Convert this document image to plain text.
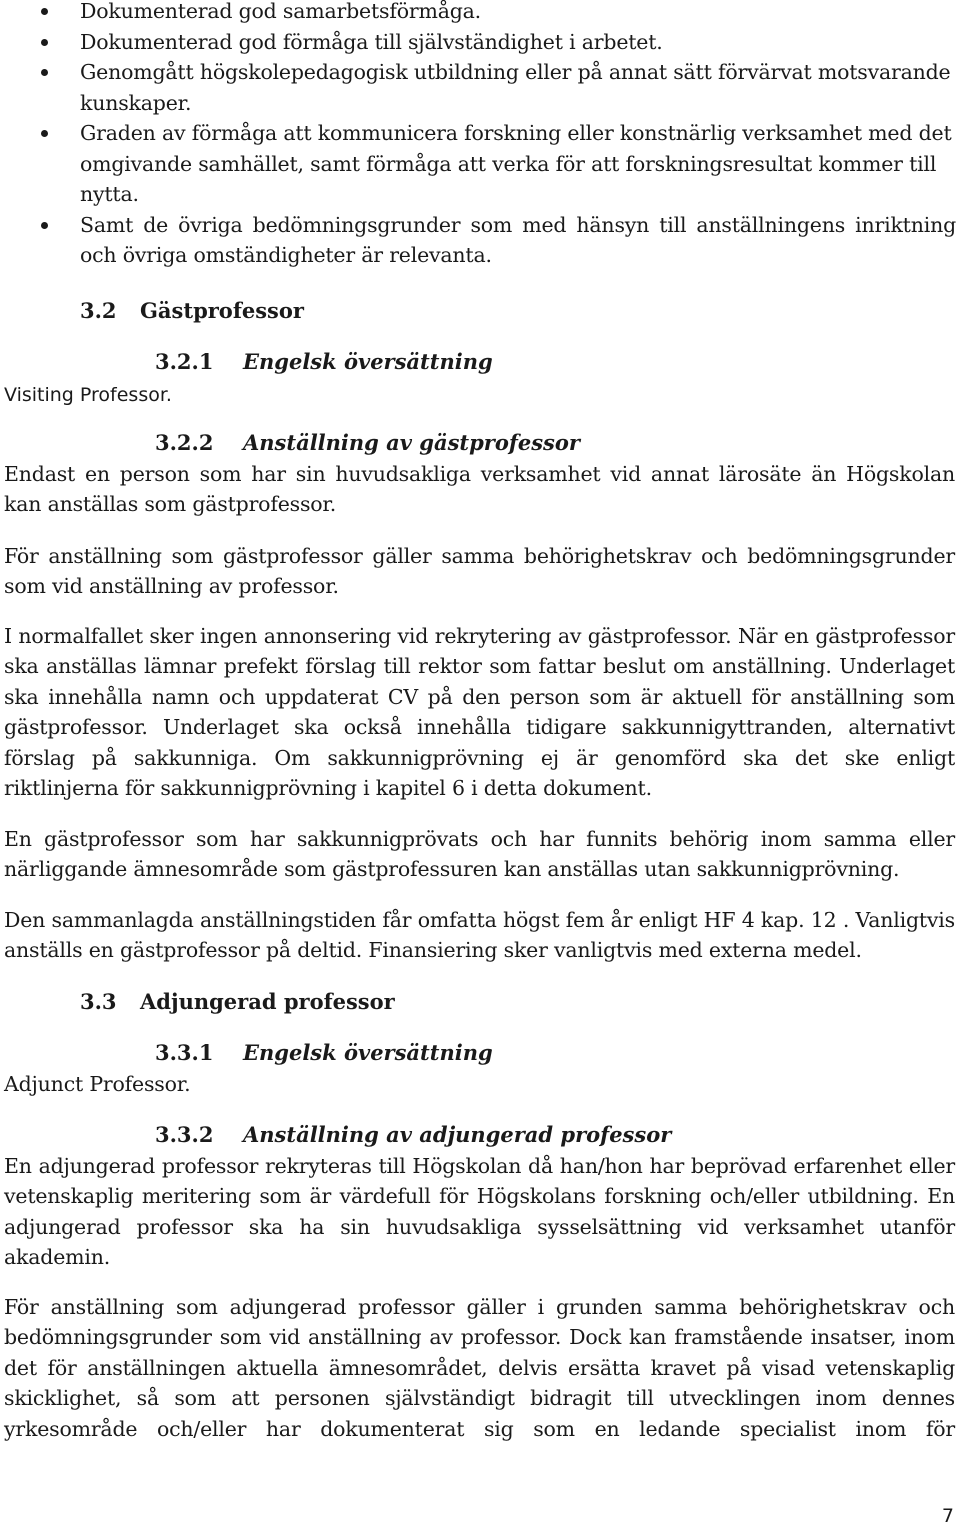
Dokumenterad god samarbetsförmåga.
Dokumenterad god förmåga till självständighet i arbetet.
Genomgått högskolepedagogisk utbildning eller på annat sätt förvärvat motsvarande kunskaper.
Graden av förmåga att kommunicera forskning eller konstnärlig verksamhet med det omgivande samhället, samt förmåga att verka för att forskningsresultat kommer till nytta.
Samt de övriga bedömningsgrunder som med hänsyn till anställningens inriktning och övriga omständigheter är relevanta.
3.2 Gästprofessor
3.2.1 Engelsk översättning

Visiting Professor.

3.2.2 Anställning av gästprofessor

Endast en person som har sin huvudsakliga verksamhet vid annat lärosäte än Högskolan kan anställas som gästprofessor.

För anställning som gästprofessor gäller samma behörighetskrav och bedömningsgrunder som vid anställning av professor.

I normalfallet sker ingen annonsering vid rekrytering av gästprofessor. När en gästprofessor ska anställas lämnar prefekt förslag till rektor som fattar beslut om anställning. Underlaget ska innehålla namn och uppdaterat CV på den person som är aktuell för anställning som gästprofessor. Underlaget ska också innehålla tidigare sakkunnigyttranden, alternativt förslag på sakkunniga. Om sakkunnigprövning ej är genomförd ska det ske enligt riktlinjerna för sakkunnigprövning i kapitel 6 i detta dokument.

En gästprofessor som har sakkunnigprövats och har funnits behörig inom samma eller närliggande ämnesområde som gästprofessuren kan anställas utan sakkunnigprövning.

Den sammanlagda anställningstiden får omfatta högst fem år enligt HF 4 kap. 12 . Vanligtvis anställs en gästprofessor på deltid. Finansiering sker vanligtvis med externa medel.

3.3 Adjungerad professor
3.3.1 Engelsk översättning

Adjunct Professor.

3.3.2 Anställning av adjungerad professor

En adjungerad professor rekryteras till Högskolan då han/hon har beprövad erfarenhet eller vetenskaplig meritering som är värdefull för Högskolans forskning och/eller utbildning. En adjungerad professor ska ha sin huvudsakliga sysselsättning vid verksamhet utanför akademin.

För anställning som adjungerad professor gäller i grunden samma behörighetskrav och bedömningsgrunder som vid anställning av professor. Dock kan framstående insatser, inom det för anställningen aktuella ämnesområdet, delvis ersätta kravet på visad vetenskaplig skicklighet, så som att personen självständigt bidragit till utvecklingen inom dennes yrkesområde och/eller har dokumenterat sig som en ledande specialist inom för

7
